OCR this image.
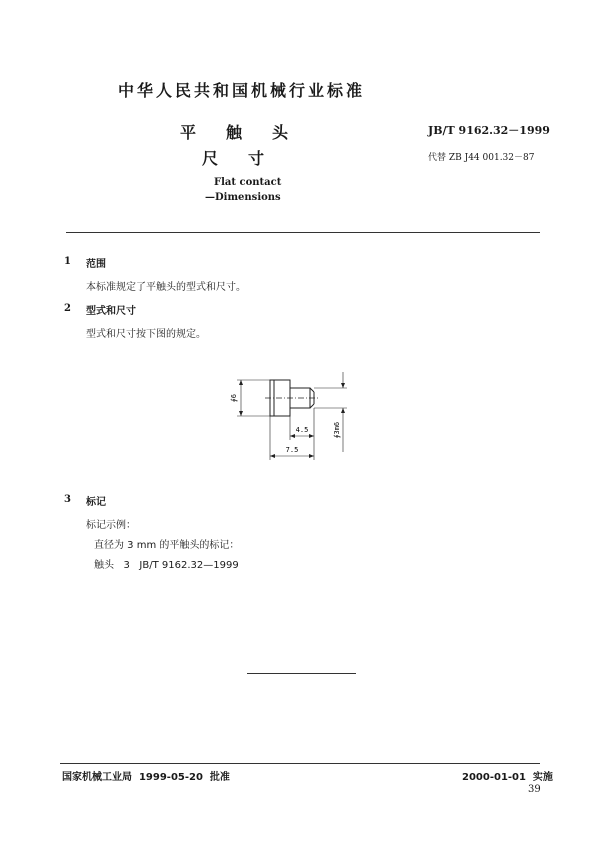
中华人民共和国机械行业标准
平 触 头
尺 寸
JB/T 9162.32－1999
代替 ZB J44 001.32－87
Flat contact
—Dimensions
1 范围
本标准规定了平触头的型式和尺寸。
2 型式和尺寸
型式和尺寸按下图的规定。
∮6
∮3m6
4.5
7.5
3 标记
标记示例：
直径为 3 mm 的平触头的标记：
触头   3   JB/T 9162.32—1999
国家机械工业局  1999-05-20  批准	2000-01-01  实施
39
